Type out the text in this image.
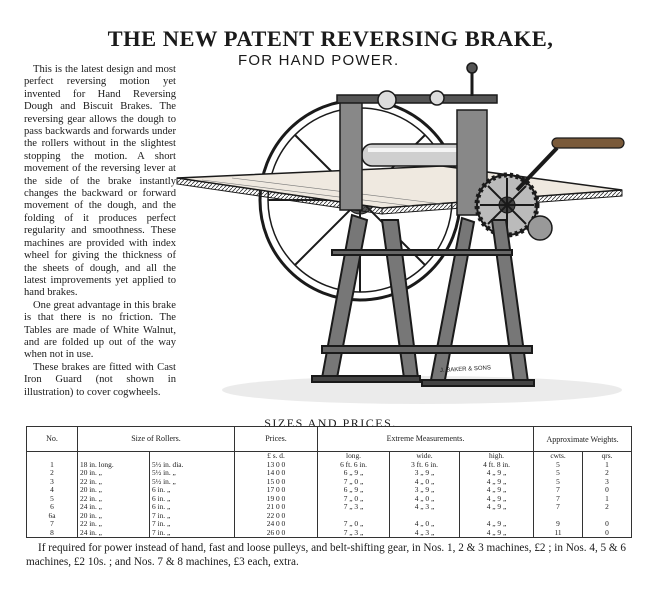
THE NEW PATENT REVERSING BRAKE,
FOR HAND POWER.

This is the latest design and most perfect reversing motion yet invented for Hand Reversing Dough and Biscuit Brakes. The reversing gear allows the dough to pass backwards and forwards under the rollers without in the slightest stopping the motion. A short movement of the reversing lever at the side of the brake instantly changes the backward or forward movement of the dough, and the folding of it produces perfect regularity and smoothness. These machines are provided with index wheel for giving the thickness of the sheets of dough, and all the latest improvements yet applied to hand brakes.

One great advantage in this brake is that there is no friction. The Tables are made of White Walnut, and are folded up out of the way when not in use.

These brakes are fitted with Cast Iron Guard (not shown in illustration) to cover cogwheels.

J. BAKER & SONS
SIZES AND PRICES.
No.	Size of Rollers.		Prices.	Extreme Measurements.			Approximate Weights.	
			£ s. d.	long.	wide.	high.	cwts.	qrs.
1	18 in. long.	5½ in. dia.	13 0 0	6 ft. 6 in.	3 ft. 6 in.	4 ft. 8 in.	5	1
2	20 in. „	5½ in. „	14 0 0	6 „ 9 „	3 „ 9 „	4 „ 9 „	5	2
3	22 in. „	5½ in. „	15 0 0	7 „ 0 „	4 „ 0 „	4 „ 9 „	5	3
4	20 in. „	6 in. „	17 0 0	6 „ 9 „	3 „ 9 „	4 „ 9 „	7	0
5	22 in. „	6 in. „	19 0 0	7 „ 0 „	4 „ 0 „	4 „ 9 „	7	1
6	24 in. „	6 in. „	21 0 0	7 „ 3 „	4 „ 3 „	4 „ 9 „	7	2
6a	20 in. „	7 in. „	22 0 0					
7	22 in. „	7 in. „	24 0 0	7 „ 0 „	4 „ 0 „	4 „ 9 „	9	0
8	24 in. „	7 in. „	26 0 0	7 „ 3 „	4 „ 3 „	4 „ 9 „	11	0

If required for power instead of hand, fast and loose pulleys, and belt-shifting gear, in Nos. 1, 2 & 3 machines, £2 ; in Nos. 4, 5 & 6 machines, £2 10s. ; and Nos. 7 & 8 machines, £3 each, extra.
